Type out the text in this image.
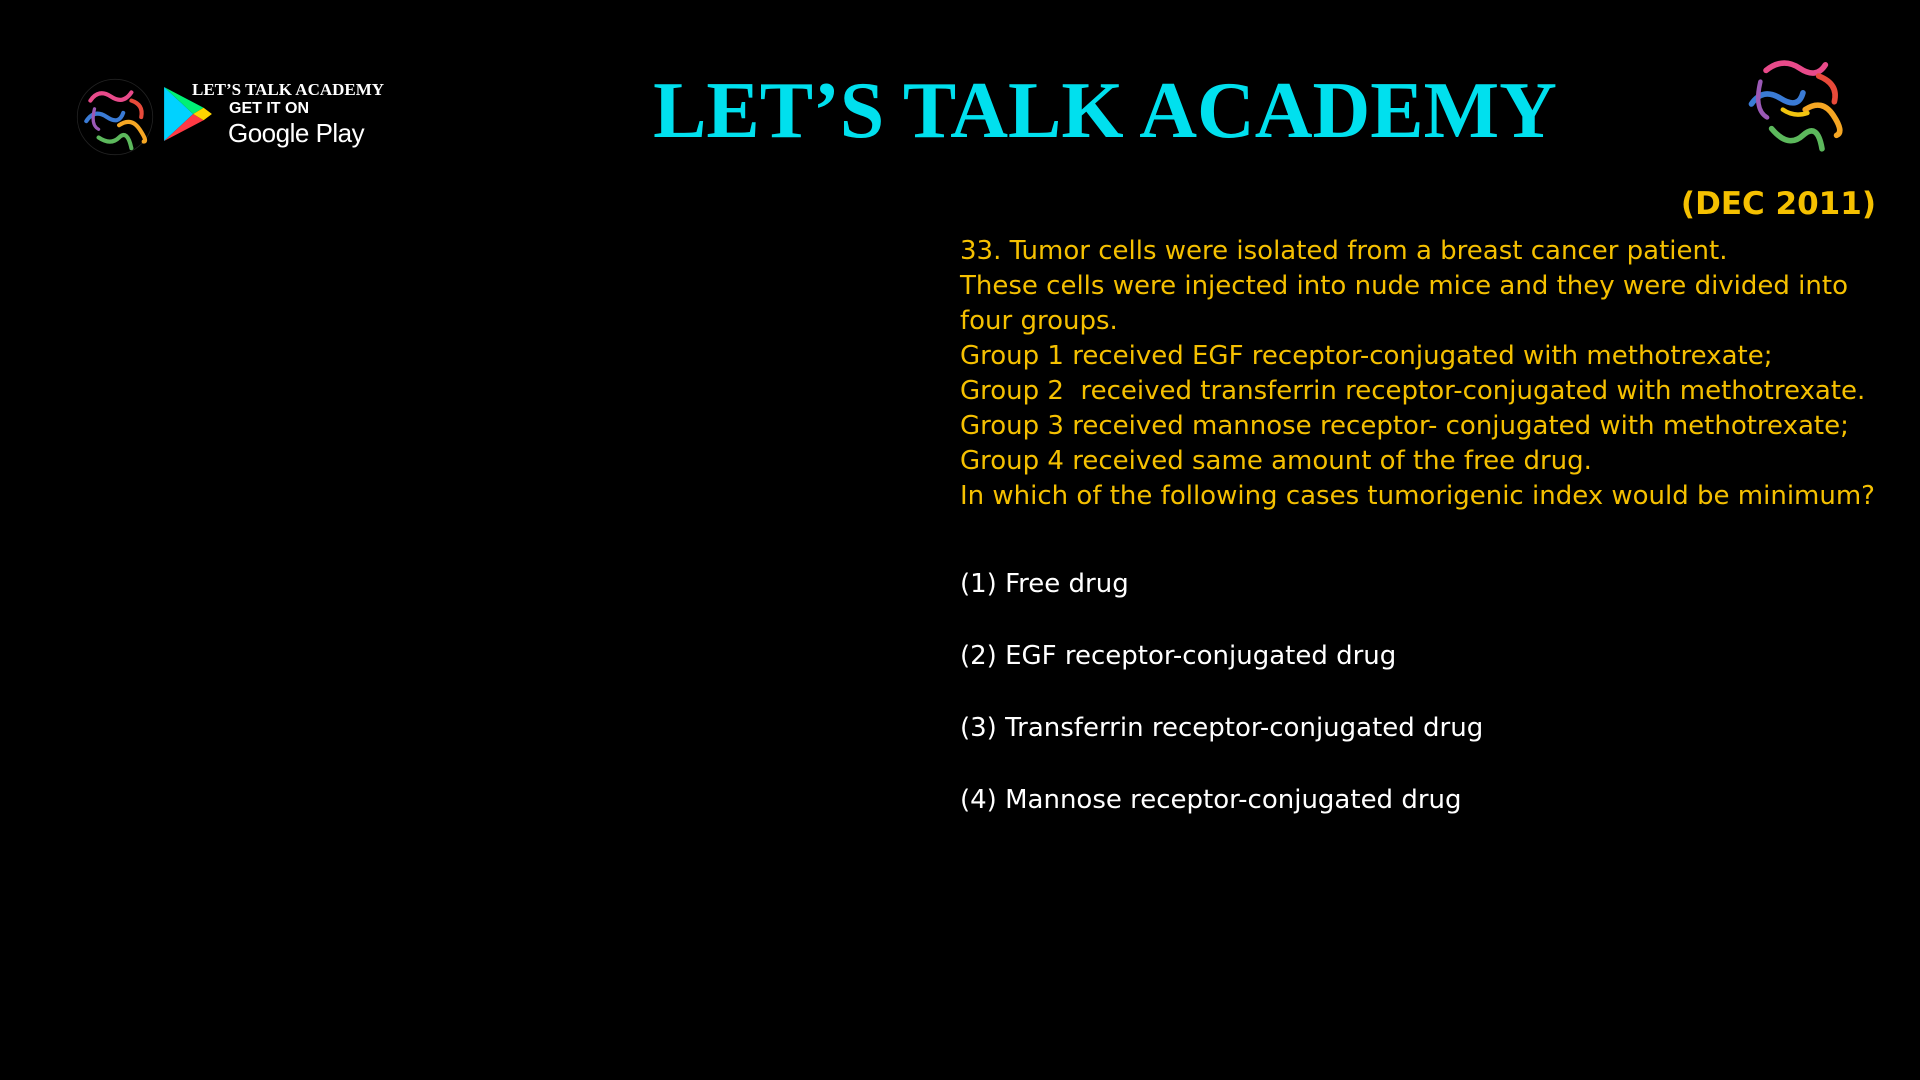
LET’S TALK ACADEMY
GET IT ON
Google Play	LET’S TALK ACADEMY
(DEC 2011)
33. Tumor cells were isolated from a breast cancer patient.
These cells were injected into nude mice and they were divided into four groups.
Group 1 received EGF receptor-conjugated with methotrexate;
Group 2  received transferrin receptor-conjugated with methotrexate.
Group 3 received mannose receptor- conjugated with methotrexate;
Group 4 received same amount of the free drug.
In which of the following cases tumorigenic index would be minimum?
(1) Free drug
(2) EGF receptor-conjugated drug
(3) Transferrin receptor-conjugated drug
(4) Mannose receptor-conjugated drug
